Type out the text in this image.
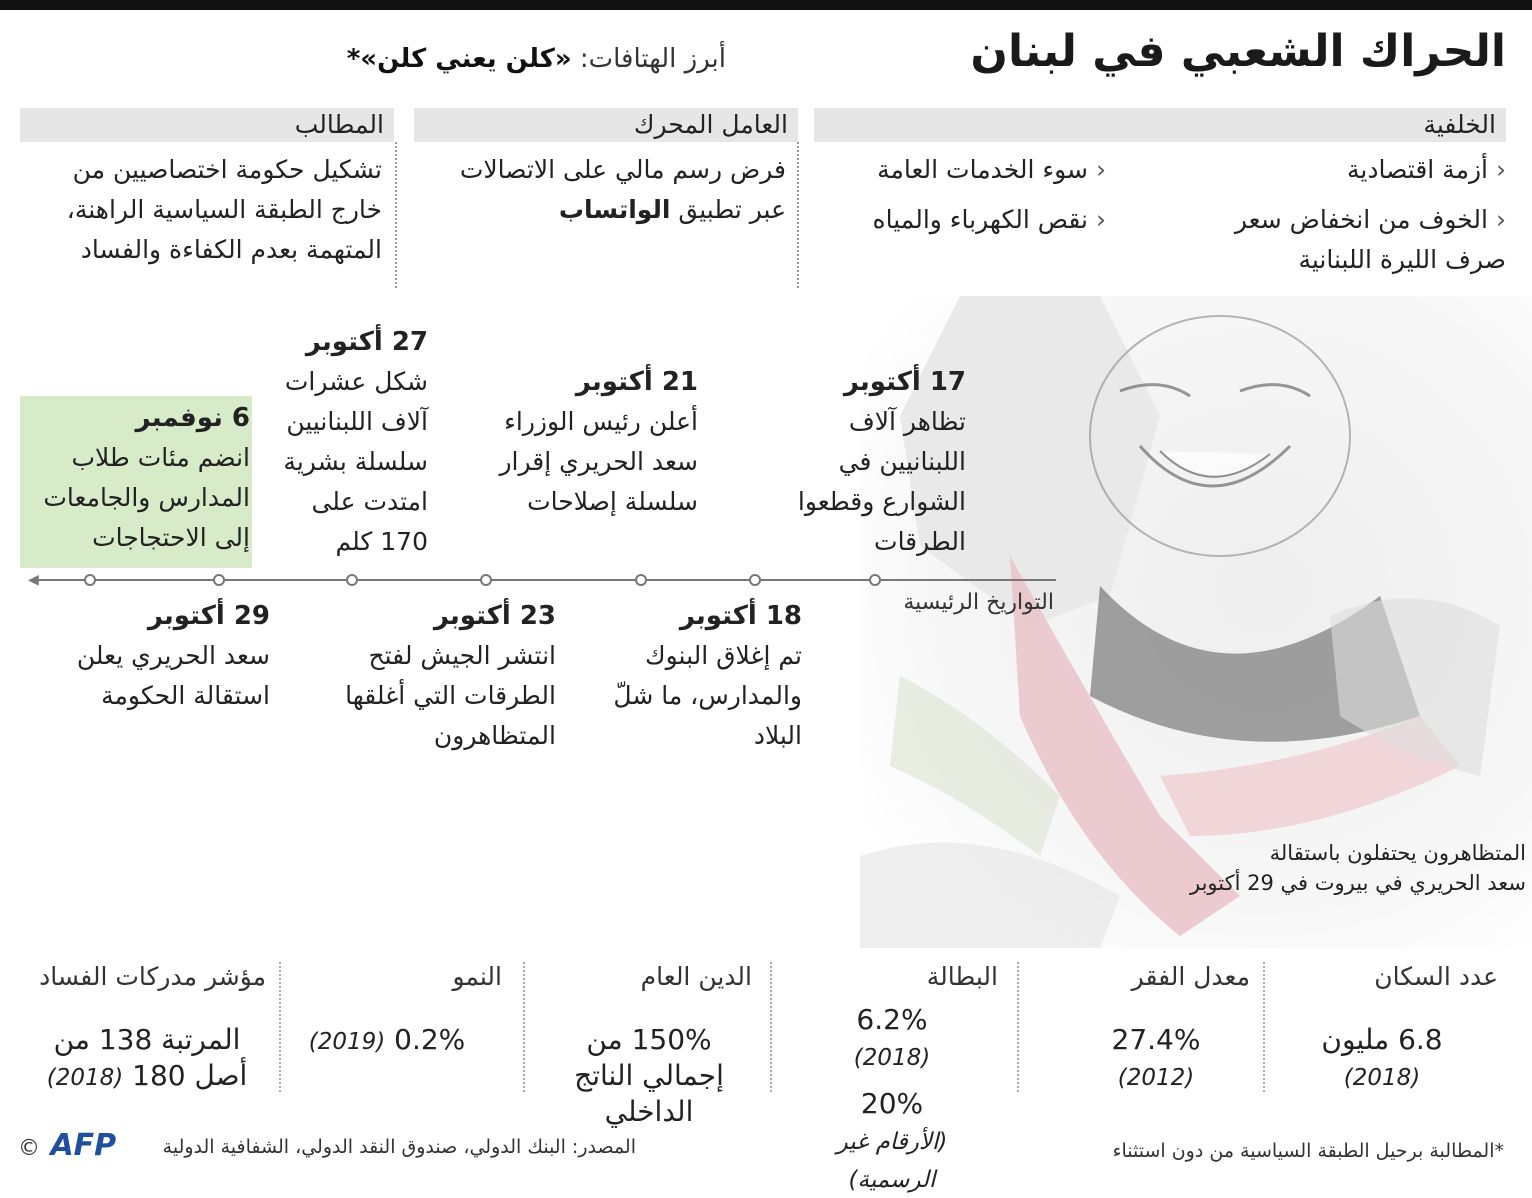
الحراك الشعبي في لبنان
أبرز الهتافات: «كلن يعني كلن»*
الخلفية
‹أزمة اقتصادية
‹الخوف من انخفاض سعر صرف الليرة اللبنانية
‹سوء الخدمات العامة
‹نقص الكهرباء والمياه
العامل المحرك
فرض رسم مالي على الاتصالات
عبر تطبيق الواتساب
المطالب
تشكيل حكومة اختصاصيين من خارج الطبقة السياسية الراهنة، المتهمة بعدم الكفاءة والفساد
17 أكتوبر
تظاهر آلاف اللبنانيين في الشوارع وقطعوا الطرقات
21 أكتوبر
أعلن رئيس الوزراء سعد الحريري إقرار سلسلة إصلاحات
27 أكتوبر
شكل عشرات آلاف اللبنانيين سلسلة بشرية امتدت على 170 كلم
6 نوفمبر
انضم مئات طلاب المدارس والجامعات إلى الاحتجاجات
◀
التواريخ الرئيسية
18 أكتوبر
تم إغلاق البنوك والمدارس، ما شلّ البلاد
23 أكتوبر
انتشر الجيش لفتح الطرقات التي أغلقها المتظاهرون
29 أكتوبر
سعد الحريري يعلن استقالة الحكومة
المتظاهرون يحتفلون باستقالة
سعد الحريري في بيروت في 29 أكتوبر
عدد السكان
6.8 مليون
(2018)
معدل الفقر
27.4%
(2012)
البطالة
6.2%
(2018)
20%
(الأرقام غير الرسمية)
الدين العام
150% من إجمالي الناتج الداخلي
النمو
0.2% (2019)
مؤشر مدركات الفساد
المرتبة 138 من
أصل 180 (2018)
*المطالبة برحيل الطبقة السياسية من دون استثناء
المصدر: البنك الدولي، صندوق النقد الدولي، الشفافية الدولية
© AFP
